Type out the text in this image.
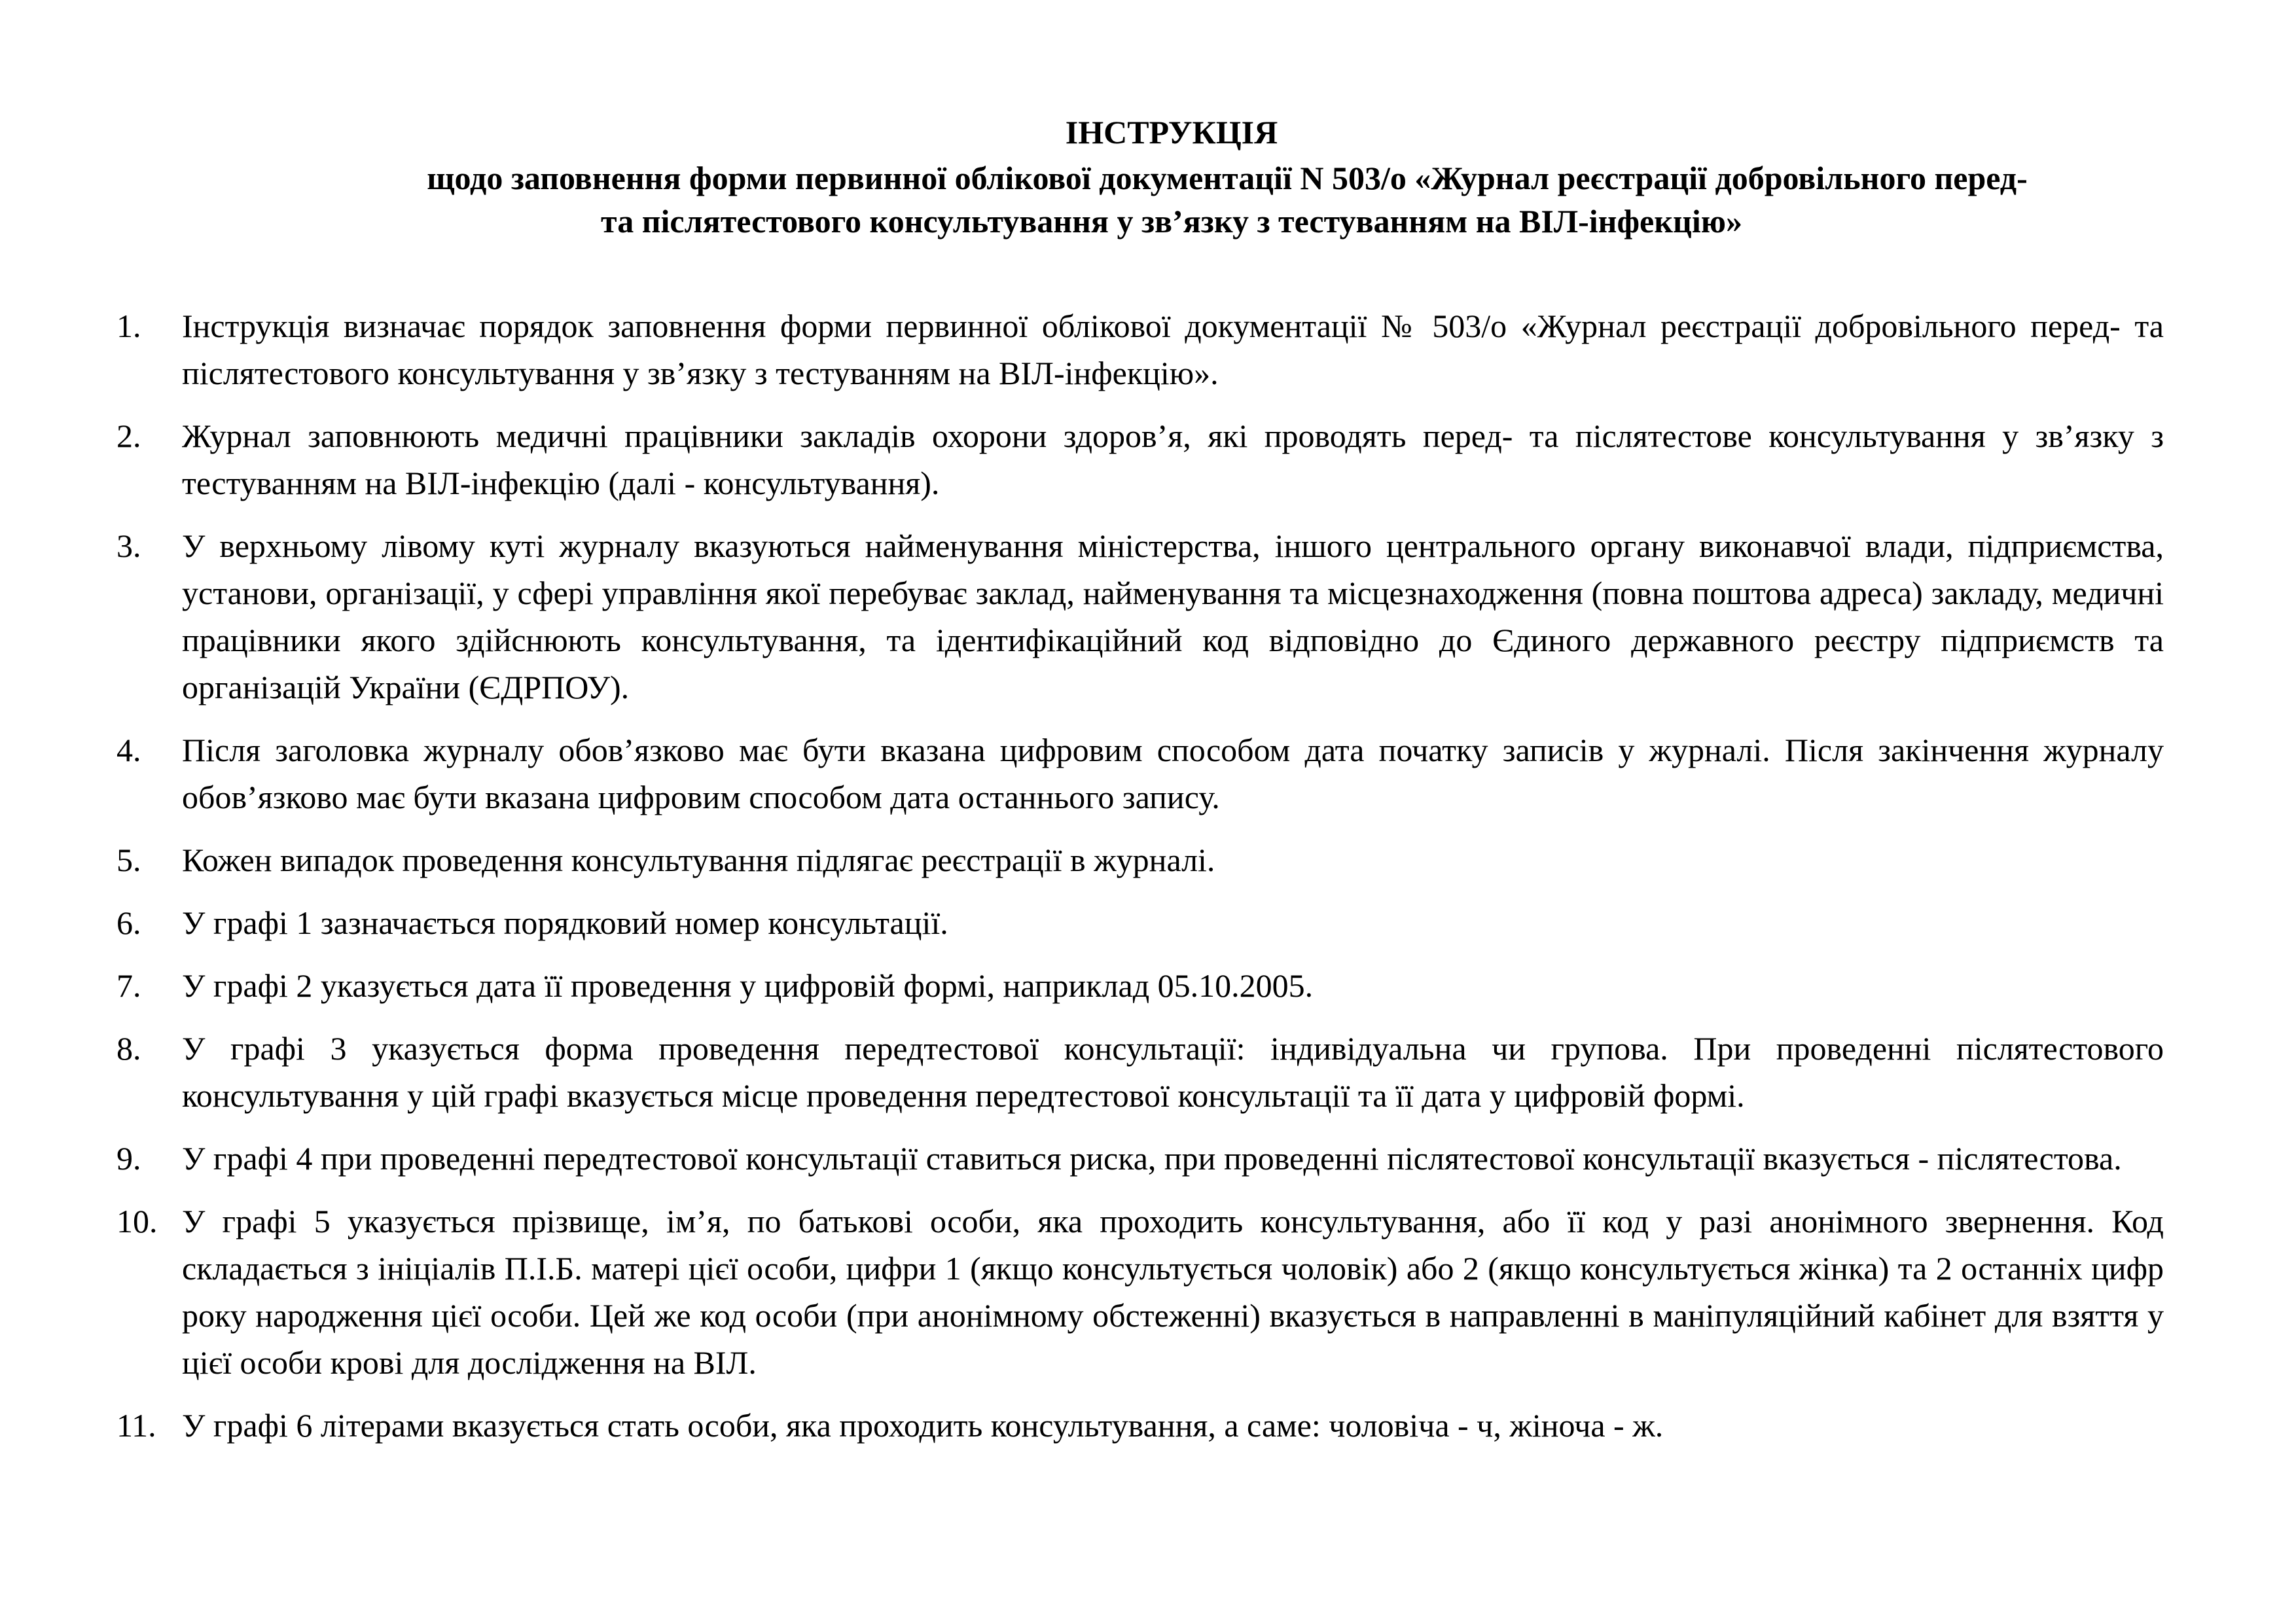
ІНСТРУКЦІЯ
щодо заповнення форми первинної облікової документації N 503/о «Журнал реєстрації добровільного перед-
та післятестового консультування у зв’язку з тестуванням на ВІЛ-інфекцію»
1.	Інструкція визначає порядок заповнення форми первинної облікової документації № 503/о «Журнал реєстрації добровільного перед- та післятестового консультування у зв’язку з тестуванням на ВІЛ-інфекцію».
2.	Журнал заповнюють медичні працівники закладів охорони здоров’я, які проводять перед- та післятестове консультування у зв’язку з тестуванням на ВІЛ-інфекцію (далі - консультування).
3.	У верхньому лівому куті журналу вказуються найменування міністерства, іншого центрального органу виконавчої влади, підприємства, установи, організації, у сфері управління якої перебуває заклад, найменування та місцезнаходження (повна поштова адреса) закладу, медичні працівники якого здійснюють консультування, та ідентифікаційний код відповідно до Єдиного державного реєстру підприємств та організацій України (ЄДРПОУ).
4.	Після заголовка журналу обов’язково має бути вказана цифровим способом дата початку записів у журналі. Після закінчення журналу обов’язково має бути вказана цифровим способом дата останнього запису.
5.	Кожен випадок проведення консультування підлягає реєстрації в журналі.
6.	У графі 1 зазначається порядковий номер консультації.
7.	У графі 2 указується дата її проведення у цифровій формі, наприклад 05.10.2005.
8.	У графі 3 указується форма проведення передтестової консультації: індивідуальна чи групова. При проведенні післятестового консультування у цій графі вказується місце проведення передтестової консультації та її дата у цифровій формі.
9.	У графі 4 при проведенні передтестової консультації ставиться риска, при проведенні післятестової консультації вказується - післятестова.
10. У графі 5 указується прізвище, ім’я, по батькові особи, яка проходить консультування, або її код у разі анонімного звернення. Код складається з ініціалів П.І.Б. матері цієї особи, цифри 1 (якщо консультується чоловік) або 2 (якщо консультується жінка) та 2 останніх цифр року народження цієї особи. Цей же код особи (при анонімному обстеженні) вказується в направленні в маніпуляційний кабінет для взяття у цієї особи крові для дослідження на ВІЛ.
11. У графі 6 літерами вказується стать особи, яка проходить консультування, а саме: чоловіча - ч, жіноча - ж.
